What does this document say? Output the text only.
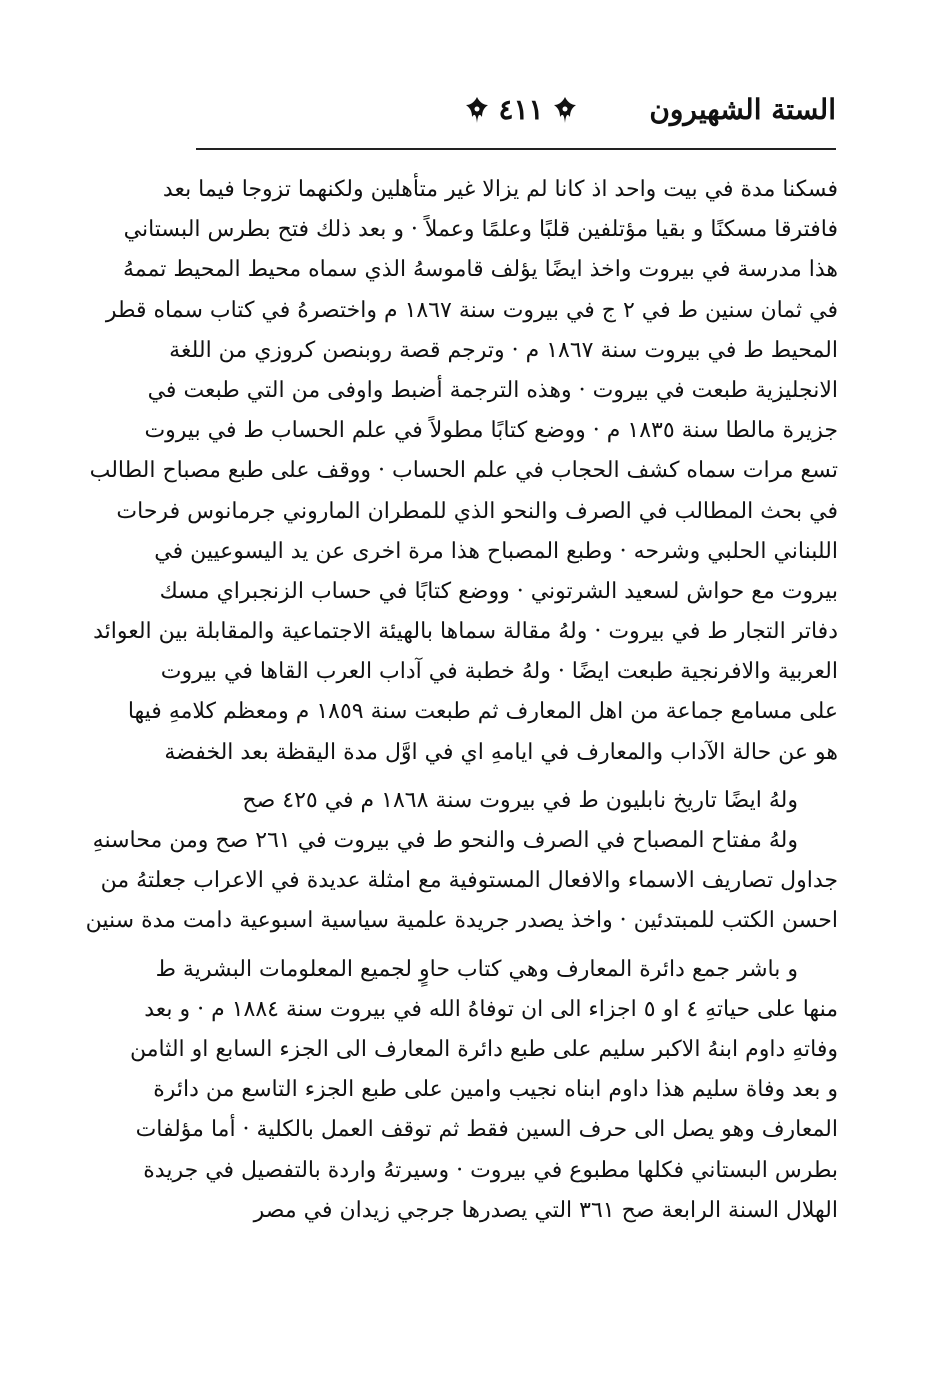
الستة الشهيرون
٤١١
فسكنا مدة في بيت واحد اذ كانا لم يزالا غير متأهلين ولكنهما تزوجا فيما بعد
فافترقا مسكنًا و بقيا مؤتلفين قلبًا وعلمًا وعملاً · و بعد ذلك فتح بطرس البستاني
هذا مدرسة في بيروت واخذ ايضًا يؤلف قاموسهُ الذي سماه محيط المحيط تممهُ
في ثمان سنين ط في ٢ ج في بيروت سنة ١٨٦٧ م واختصرهُ في كتاب سماه قطر
المحيط ط في بيروت سنة ١٨٦٧ م · وترجم قصة روبنصن كروزي من اللغة
الانجليزية طبعت في بيروت · وهذه الترجمة أضبط واوفى من التي طبعت في
جزيرة مالطا سنة ١٨٣٥ م · ووضع كتابًا مطولاً في علم الحساب ط في بيروت
تسع مرات سماه كشف الحجاب في علم الحساب · ووقف على طبع مصباح الطالب
في بحث المطالب في الصرف والنحو الذي للمطران الماروني جرمانوس فرحات
اللبناني الحلبي وشرحه · وطبع المصباح هذا مرة اخرى عن يد اليسوعيين في
بيروت مع حواش لسعيد الشرتوني · ووضع كتابًا في حساب الزنجبراي مسك
دفاتر التجار ط في بيروت · ولهُ مقالة سماها بالهيئة الاجتماعية والمقابلة بين العوائد
العربية والافرنجية طبعت ايضًا · ولهُ خطبة في آداب العرب القاها في بيروت
على مسامع جماعة من اهل المعارف ثم طبعت سنة ١٨٥٩ م ومعظم كلامهِ فيها
هو عن حالة الآداب والمعارف في ايامهِ اي في اوَّل مدة اليقظة بعد الخفضة
ولهُ ايضًا تاريخ نابليون ط في بيروت سنة ١٨٦٨ م في ٤٢٥ صح
ولهُ مفتاح المصباح في الصرف والنحو ط في بيروت في ٢٦١ صح ومن محاسنهِ
جداول تصاريف الاسماء والافعال المستوفية مع امثلة عديدة في الاعراب جعلتهُ من
احسن الكتب للمبتدئين · واخذ يصدر جريدة علمية سياسية اسبوعية دامت مدة سنين
و باشر جمع دائرة المعارف وهي كتاب حاوٍ لجميع المعلومات البشرية ط
منها على حياتهِ ٤ او ٥ اجزاء الى ان توفاهُ الله في بيروت سنة ١٨٨٤ م · و بعد
وفاتهِ داوم ابنهُ الاكبر سليم على طبع دائرة المعارف الى الجزء السابع او الثامن
و بعد وفاة سليم هذا داوم ابناه نجيب وامين على طبع الجزء التاسع من دائرة
المعارف وهو يصل الى حرف السين فقط ثم توقف العمل بالكلية · أما مؤلفات
بطرس البستاني فكلها مطبوع في بيروت · وسيرتهُ واردة بالتفصيل في جريدة
الهلال السنة الرابعة صح ٣٦١ التي يصدرها جرجي زيدان في مصر
